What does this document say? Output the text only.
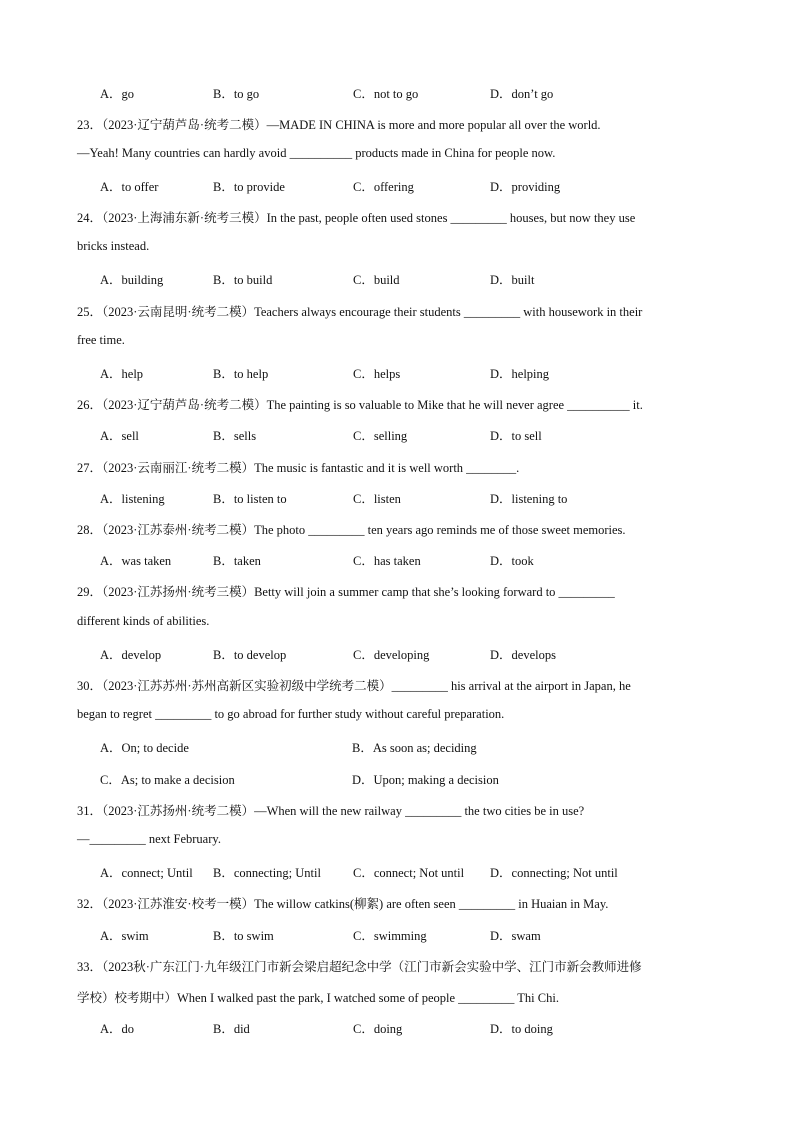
A．go	B．to go	C．not to go	D．don’t go
23．（2023·辽宁葫芦岛·统考二模）—MADE IN CHINA is more and more popular all over the world.
—Yeah! Many countries can hardly avoid __________ products made in China for people now.
A．to offer	B．to provide	C．offering	D．providing
24．（2023·上海浦东新·统考三模）In the past, people often used stones _________ houses, but now they use
bricks instead.
A．building	B．to build	C．build	D．built
25．（2023·云南昆明·统考二模）Teachers always encourage their students _________ with housework in their
free time.
A．help	B．to help	C．helps	D．helping
26．（2023·辽宁葫芦岛·统考二模）The painting is so valuable to Mike that he will never agree __________ it.
A．sell	B．sells	C．selling	D．to sell
27．（2023·云南丽江·统考二模）The music is fantastic and it is well worth ________.
A．listening	B．to listen to	C．listen	D．listening to
28．（2023·江苏泰州·统考二模）The photo _________ ten years ago reminds me of those sweet memories.
A．was taken	B．taken	C．has taken	D．took
29．（2023·江苏扬州·统考三模）Betty will join a summer camp that she’s looking forward to _________
different kinds of abilities.
A．develop	B．to develop	C．developing	D．develops
30．（2023·江苏苏州·苏州高新区实验初级中学统考二模）_________ his arrival at the airport in Japan, he
began to regret _________ to go abroad for further study without careful preparation.
A．On; to decide	B．As soon as; deciding
C．As; to make a decision	D．Upon; making a decision
31．（2023·江苏扬州·统考二模）—When will the new railway _________ the two cities be in use?
—_________ next February.
A．connect; Until B．connecting; Until	C．connect; Not until D．connecting; Not until
32．（2023·江苏淮安·校考一模）The willow catkins(柳絮) are often seen _________ in Huaian in May.
A．swim	B．to swim	C．swimming	D．swam
33．（2023秋·广东江门·九年级江门市新会梁启超纪念中学（江门市新会实验中学、江门市新会教师进修
学校）校考期中）When I walked past the park, I watched some of people _________ Thi Chi.
A．do	B．did	C．doing	D．to doing
